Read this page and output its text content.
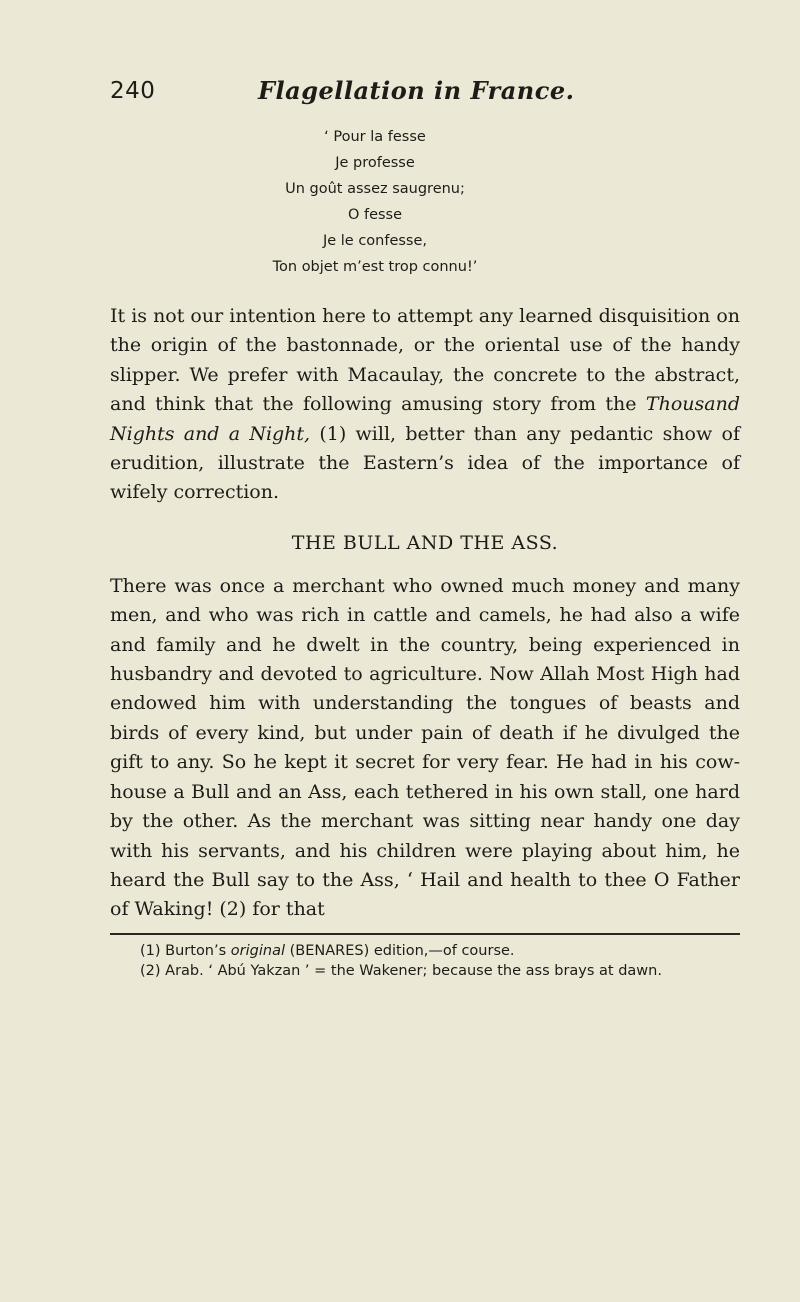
240	Flagellation in France.
‘ Pour la fesse
Je professe
Un goût assez saugrenu;
O fesse
Je le confesse,
Ton objet m’est trop connu!’

It is not our intention here to attempt any learned disquisition on the origin of the bastonnade, or the oriental use of the handy slipper. We prefer with Macaulay, the concrete to the abstract, and think that the following amusing story from the Thousand Nights and a Night, (1) will, better than any pedantic show of erudition, illustrate the Eastern’s idea of the importance of wifely correction.

THE BULL AND THE ASS.

There was once a merchant who owned much money and many men, and who was rich in cattle and camels, he had also a wife and family and he dwelt in the country, being experienced in husbandry and devoted to agriculture. Now Allah Most High had endowed him with understanding the tongues of beasts and birds of every kind, but under pain of death if he divulged the gift to any. So he kept it secret for very fear. He had in his cow-house a Bull and an Ass, each tethered in his own stall, one hard by the other. As the merchant was sitting near handy one day with his servants, and his children were playing about him, he heard the Bull say to the Ass, ‘ Hail and health to thee O Father of Waking! (2) for that

(1) Burton’s original (BENARES) edition,—of course.
(2) Arab. ‘ Abú Yakzan ’ = the Wakener; because the ass brays at dawn.
